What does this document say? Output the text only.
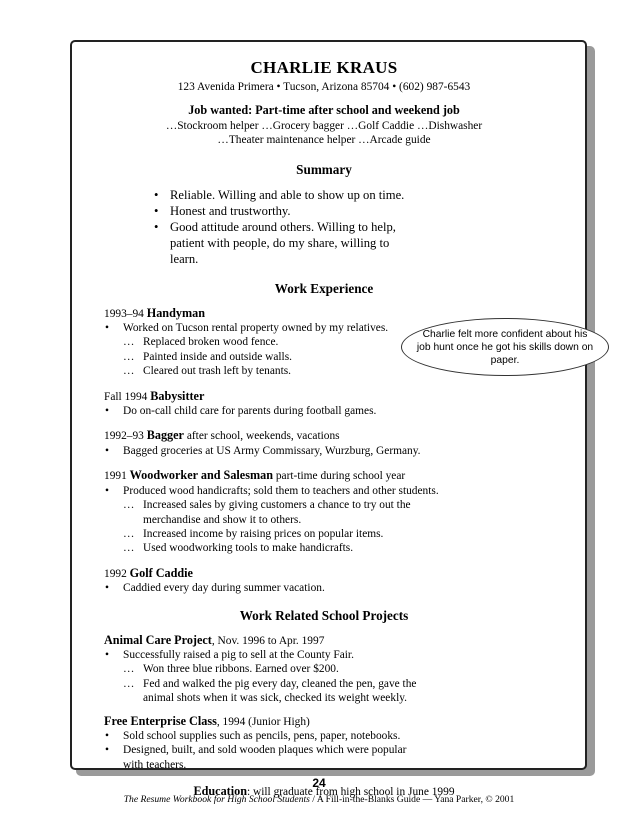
CHARLIE KRAUS
123 Avenida Primera • Tucson, Arizona 85704 • (602) 987-6543
Job wanted: Part-time after school and weekend job
…Stockroom helper …Grocery bagger …Golf Caddie …Dishwasher
…Theater maintenance helper …Arcade guide
Summary
• Reliable. Willing and able to show up on time.
• Honest and trustworthy.
• Good attitude around others. Willing to help, patient with people, do my share, willing to learn.
Work Experience
1993–94 Handyman
• Worked on Tucson rental property owned by my relatives.
… Replaced broken wood fence.
… Painted inside and outside walls.
… Cleared out trash left by tenants.
Fall 1994 Babysitter
• Do on-call child care for parents during football games.
1992–93 Bagger after school, weekends, vacations
• Bagged groceries at US Army Commissary, Wurzburg, Germany.
1991 Woodworker and Salesman part-time during school year
• Produced wood handicrafts; sold them to teachers and other students.
… Increased sales by giving customers a chance to try out the merchandise and show it to others.
… Increased income by raising prices on popular items.
… Used woodworking tools to make handicrafts.
1992 Golf Caddie
• Caddied every day during summer vacation.
Work Related School Projects
Animal Care Project, Nov. 1996 to Apr. 1997
• Successfully raised a pig to sell at the County Fair.
… Won three blue ribbons. Earned over $200.
… Fed and walked the pig every day, cleaned the pen, gave the animal shots when it was sick, checked its weight weekly.
Free Enterprise Class, 1994 (Junior High)
• Sold school supplies such as pencils, pens, paper, notebooks.
• Designed, built, and sold wooden plaques which were popular with teachers.
Education: will graduate from high school in June 1999
Charlie felt more confident about his job hunt once he got his skills down on paper.
24
The Resume Workbook for High School Students / A Fill-in-the-Blanks Guide — Yana Parker, © 2001
